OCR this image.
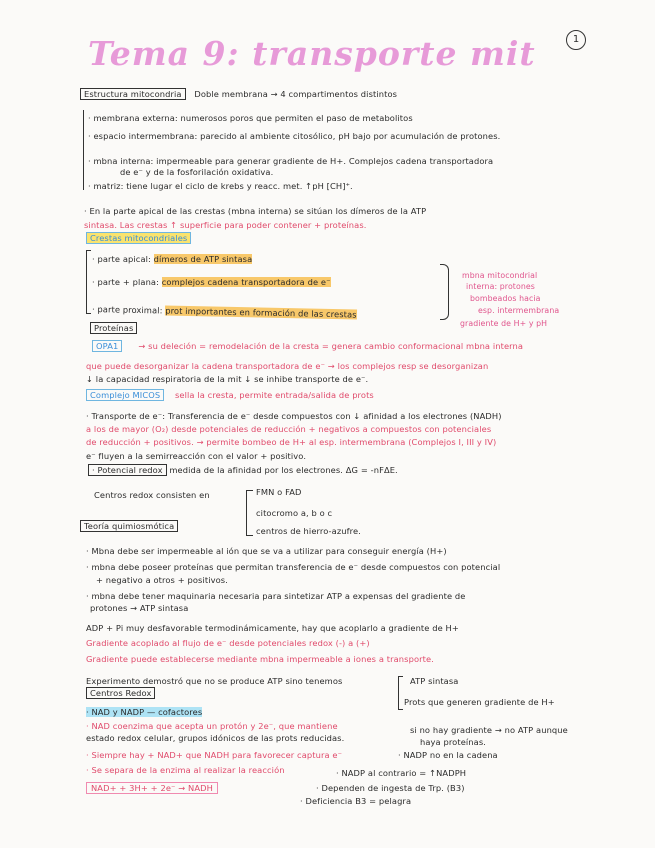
Tema 9: transporte mit	1
Estructura mitocondria Doble membrana → 4 compartimentos distintos
· membrana externa: numerosos poros que permiten el paso de metabolitos
· espacio intermembrana: parecido al ambiente citosólico, pH bajo por acumulación de protones.
· mbna interna: impermeable para generar gradiente de H+. Complejos cadena transportadora
de e⁻ y de la fosforilación oxidativa.
· matriz: tiene lugar el ciclo de krebs y reacc. met. ↑pH [CH]⁺.
· En la parte apical de las crestas (mbna interna) se sitúan los dímeros de la ATP
sintasa. Las crestas ↑ superficie para poder contener + proteínas.
Crestas mitocondriales
· parte apical: dímeros de ATP sintasa
· parte + plana: complejos cadena transportadora de e⁻
· parte proximal: prot importantes en formación de las crestas
mbna mitocondrial
interna: protones
bombeados hacia
esp. intermembrana
gradiente de H+ y pH
Proteínas
OPA1 → su deleción = remodelación de la cresta = genera cambio conformacional mbna interna
que puede desorganizar la cadena transportadora de e⁻ → los complejos resp se desorganizan
↓ la capacidad respiratoria de la mit ↓ se inhibe transporte de e⁻.
Complejo MICOS sella la cresta, permite entrada/salida de prots
· Transporte de e⁻: Transferencia de e⁻ desde compuestos con ↓ afinidad a los electrones (NADH)
a los de mayor (O₂) desde potenciales de reducción + negativos a compuestos con potenciales
de reducción + positivos. → permite bombeo de H+ al esp. intermembrana (Complejos I, III y IV)
e⁻ fluyen a la semirreacción con el valor + positivo.
· Potencial redox medida de la afinidad por los electrones. ΔG = -nFΔE.
Centros redox consisten en	FMN o FAD
citocromo a, b o c
centros de hierro-azufre.
Teoría quimiosmótica
· Mbna debe ser impermeable al ión que se va a utilizar para conseguir energía (H+)
· mbna debe poseer proteínas que permitan transferencia de e⁻ desde compuestos con potencial
+ negativo a otros + positivos.
· mbna debe tener maquinaria necesaria para sintetizar ATP a expensas del gradiente de
protones → ATP sintasa
ADP + Pi muy desfavorable termodinámicamente, hay que acoplarlo a gradiente de H+
Gradiente acoplado al flujo de e⁻ desde potenciales redox (-) a (+)
Gradiente puede establecerse mediante mbna impermeable a iones a transporte.
Experimento demostró que no se produce ATP sino tenemos	ATP sintasa
Prots que generen gradiente de H+
Centros Redox
· NAD y NADP — cofactores
· NAD coenzima que acepta un protón y 2e⁻, que mantiene
estado redox celular, grupos idónicos de las prots reducidas.
si no hay gradiente → no ATP aunque
haya proteínas.
· Siempre hay + NAD+ que NADH para favorecer captura e⁻	· NADP no en la cadena
· Se separa de la enzima al realizar la reacción	· NADP al contrario = ↑NADPH
NAD+ + 3H+ + 2e⁻ → NADH	· Dependen de ingesta de Trp. (B3)
· Deficiencia B3 = pelagra
